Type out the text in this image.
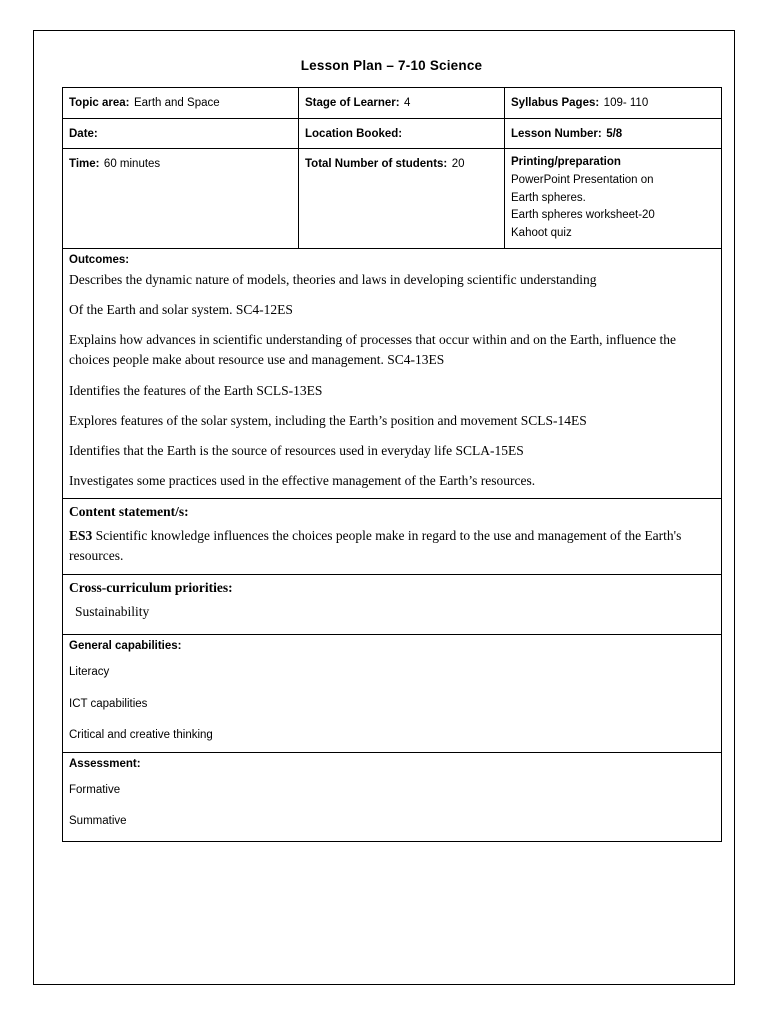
Lesson Plan – 7-10 Science
Topic area: Earth and Space	Stage of Learner: 4	Syllabus Pages: 109- 110
Date:	Location Booked:	Lesson Number: 5/8
Time: 60 minutes	Total Number of students: 20	Printing/preparation
PowerPoint Presentation on
Earth spheres.
Earth spheres worksheet-20
Kahoot quiz

Outcomes:

Describes the dynamic nature of models, theories and laws in developing scientific understanding

Of the Earth and solar system. SC4-12ES

Explains how advances in scientific understanding of processes that occur within and on the Earth, influence the choices people make about resource use and management. SC4-13ES

Identifies the features of the Earth SCLS-13ES

Explores features of the solar system, including the Earth’s position and movement SCLS-14ES

Identifies that the Earth is the source of resources used in everyday life SCLA-15ES

Investigates some practices used in the effective management of the Earth’s resources.

Content statement/s:

ES3 Scientific knowledge influences the choices people make in regard to the use and management of the Earth's resources.		

Cross-curriculum priorities:

Sustainability		

General capabilities:

Literacy

ICT capabilities

Critical and creative thinking		

Assessment:

Formative

Summative		
